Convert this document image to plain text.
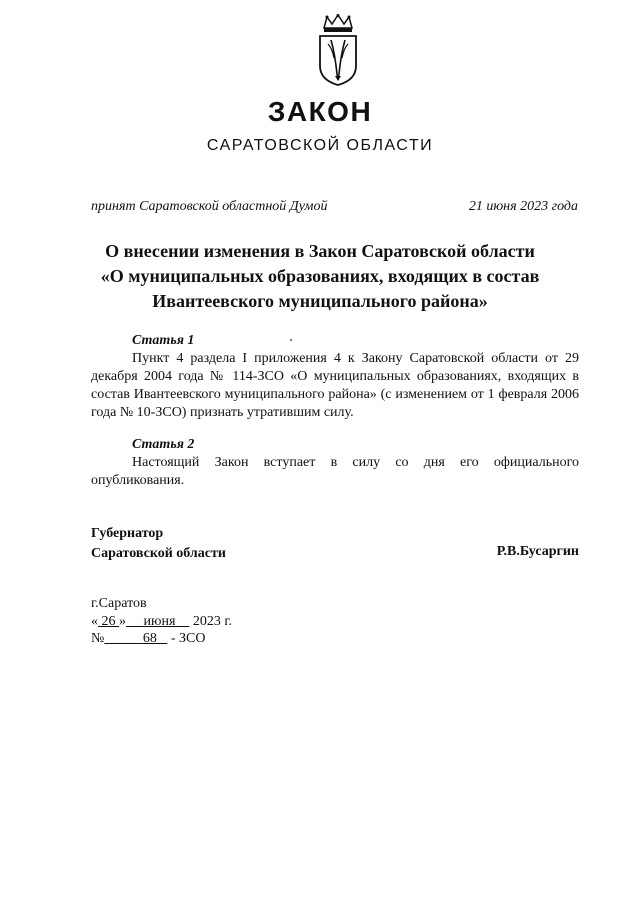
ЗАКОН
САРАТОВСКОЙ ОБЛАСТИ
принят Саратовской областной Думой	21 июня 2023 года
О внесении изменения в Закон Саратовской области
«О муниципальных образованиях, входящих в состав
Ивантеевского муниципального района»
Статья 1

Пункт 4 раздела I приложения 4 к Закону Саратовской области от 29 декабря 2004 года № 114-ЗСО «О муниципальных образованиях, входящих в состав Ивантеевского муниципального района» (с изменением от 1 февраля 2006 года № 10-ЗСО) признать утратившим силу.

Статья 2

Настоящий Закон вступает в силу со дня его официального опубликования.

Губернатор
Саратовской области	Р.В.Бусаргин
г.Саратов
« 26 » июня 2023 г.
№	68 - ЗСО
